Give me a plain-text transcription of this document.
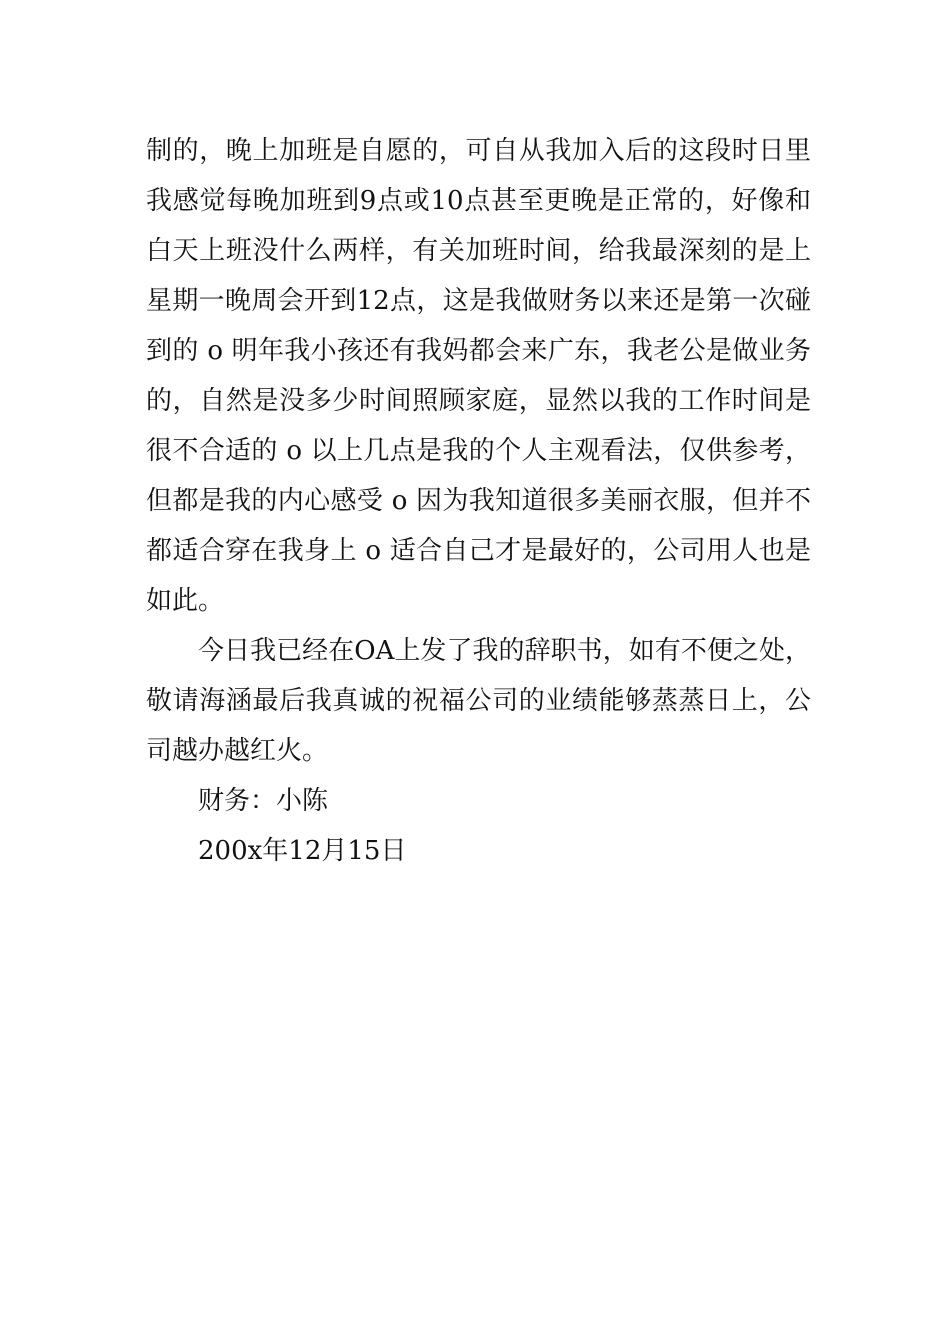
制的，晚上加班是自愿的，可自从我加入后的这段时日里我感觉每晚加班到9点或10点甚至更晚是正常的，好像和白天上班没什么两样，有关加班时间，给我最深刻的是上星期一晚周会开到12点，这是我做财务以来还是第一次碰到的 o 明年我小孩还有我妈都会来广东，我老公是做业务的，自然是没多少时间照顾家庭，显然以我的工作时间是很不合适的 o 以上几点是我的个人主观看法，仅供参考，但都是我的内心感受 o 因为我知道很多美丽衣服，但并不都适合穿在我身上 o 适合自己才是最好的，公司用人也是如此。

今日我已经在OA上发了我的辞职书，如有不便之处，敬请海涵最后我真诚的祝福公司的业绩能够蒸蒸日上，公司越办越红火。

财务：小陈

200x年12月15日
